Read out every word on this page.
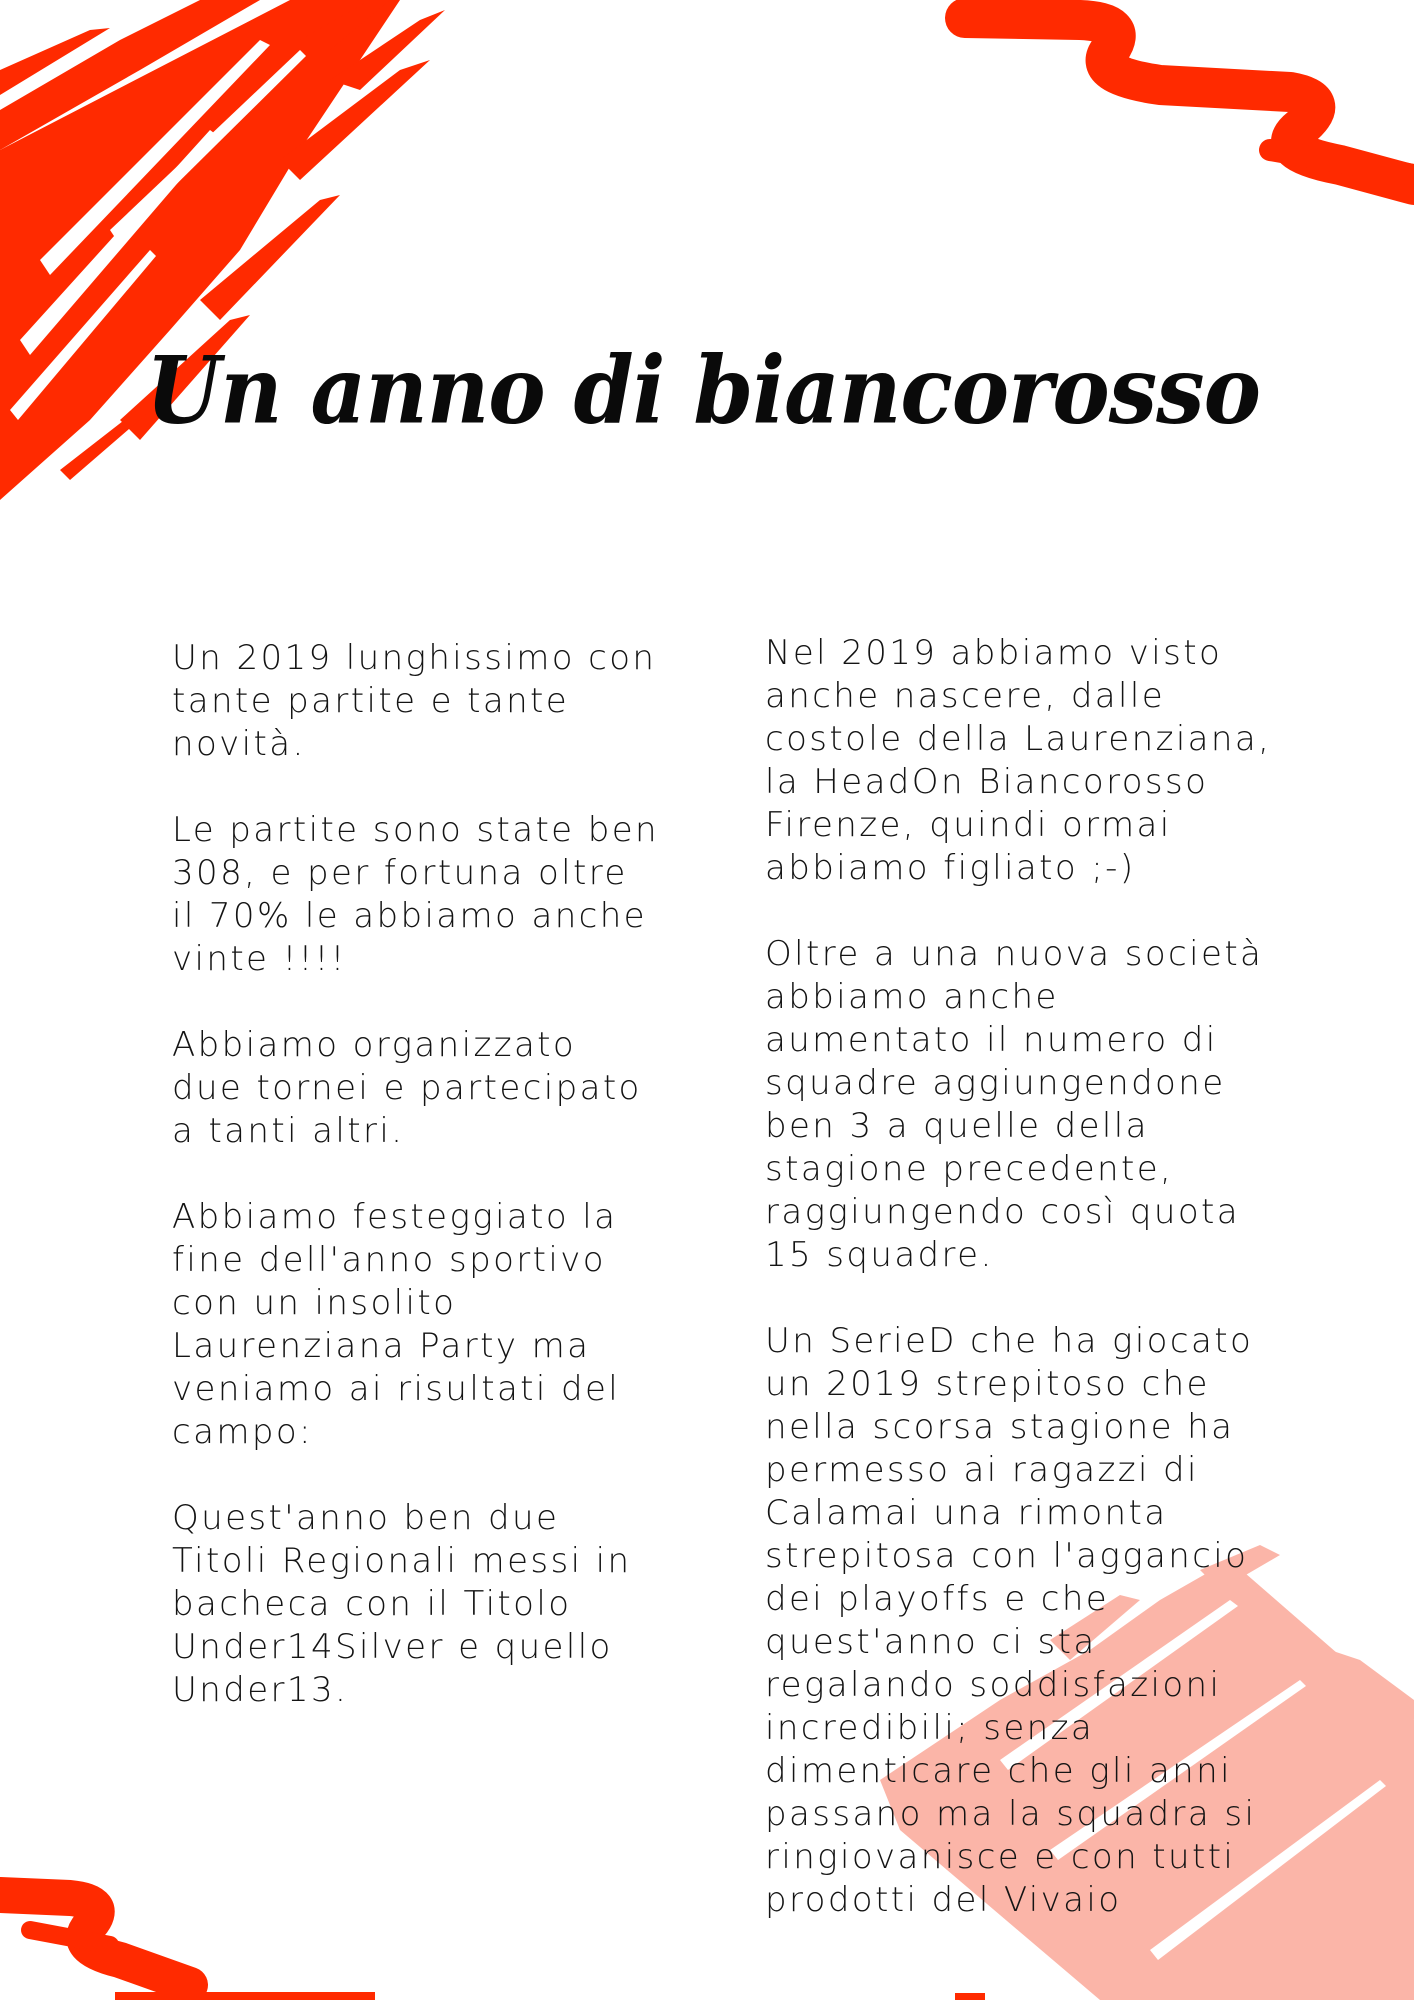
Un anno di biancorosso

Un 2019 lunghissimo con
tante partite e tante
novità.

Le partite sono state ben
308, e per fortuna oltre
il 70% le abbiamo anche
vinte !!!!

Abbiamo organizzato
due tornei e partecipato
a tanti altri.

Abbiamo festeggiato la
fine dell'anno sportivo
con un insolito
Laurenziana Party ma
veniamo ai risultati del
campo:

Quest'anno ben due
Titoli Regionali messi in
bacheca con il Titolo
Under14Silver e quello
Under13.

Nel 2019 abbiamo visto
anche nascere, dalle
costole della Laurenziana,
la HeadOn Biancorosso
Firenze, quindi ormai
abbiamo figliato ;-)

Oltre a una nuova società
abbiamo anche
aumentato il numero di
squadre aggiungendone
ben 3 a quelle della
stagione precedente,
raggiungendo così quota
15 squadre.

Un SerieD che ha giocato
un 2019 strepitoso che
nella scorsa stagione ha
permesso ai ragazzi di
Calamai una rimonta
strepitosa con l'aggancio
dei playoffs e che
quest'anno ci sta
regalando soddisfazioni
incredibili; senza
dimenticare che gli anni
passano ma la squadra si
ringiovanisce e con tutti
prodotti del Vivaio
